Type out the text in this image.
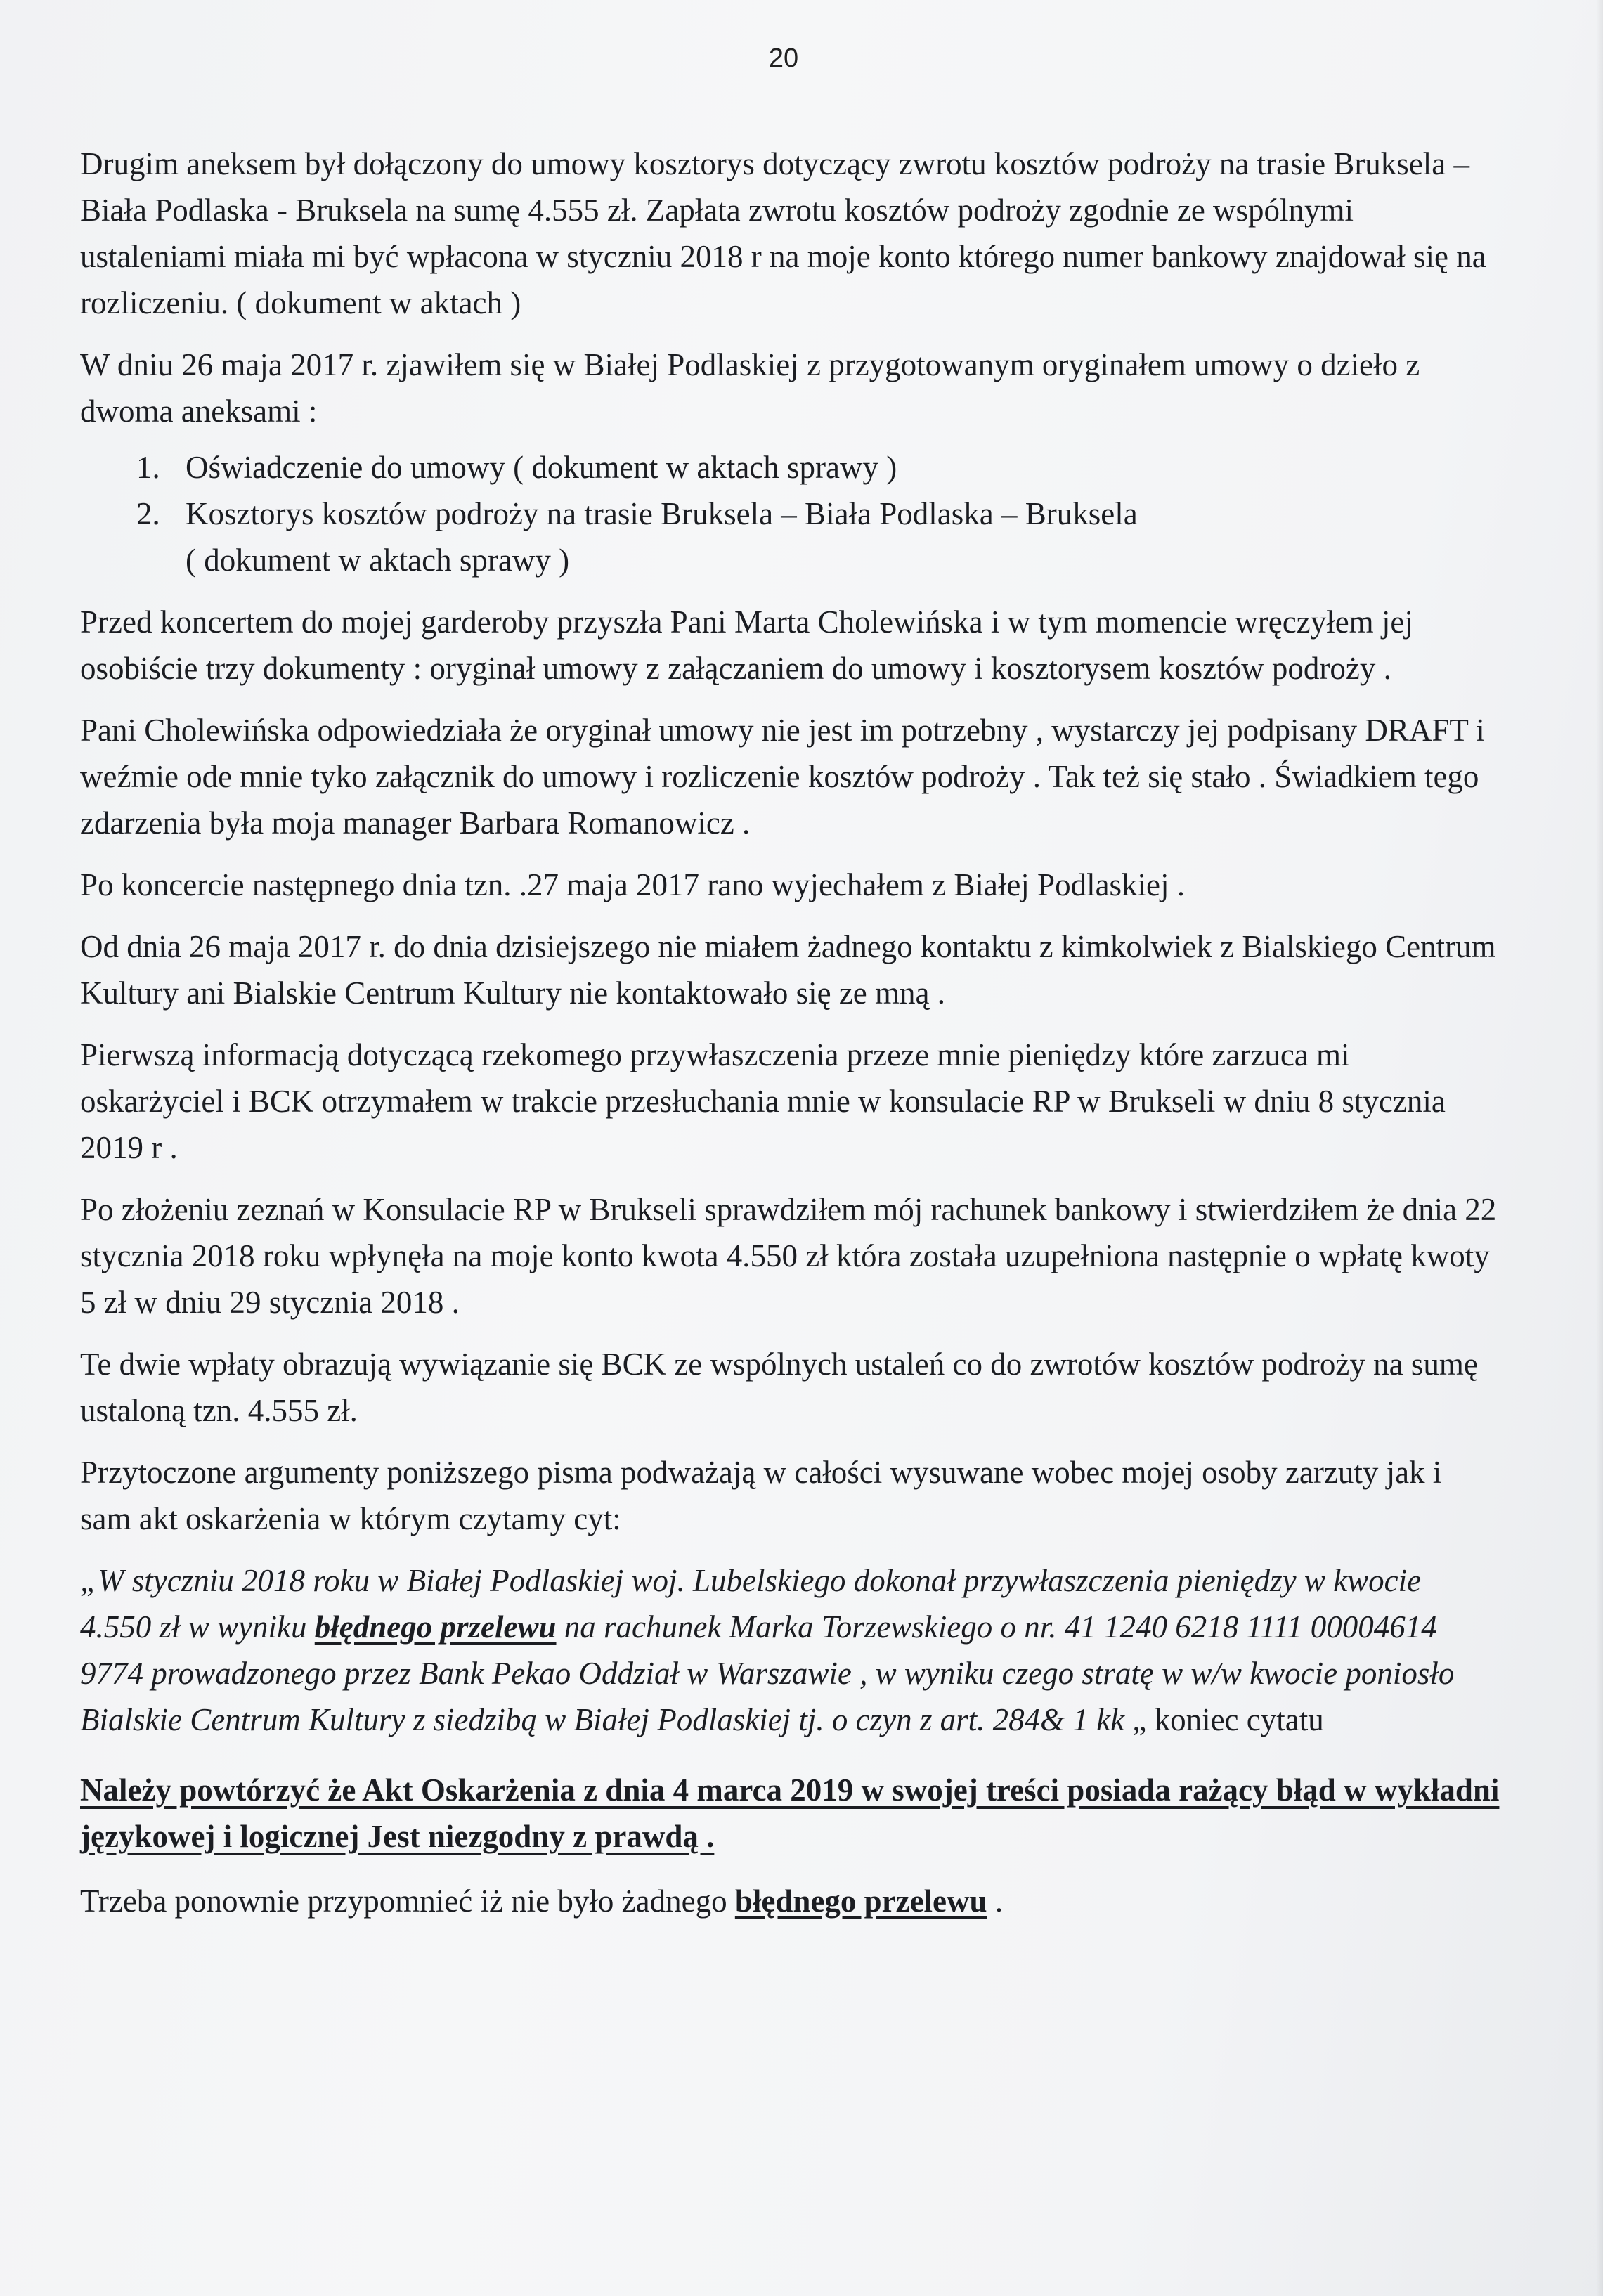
20

Drugim aneksem był dołączony do umowy kosztorys dotyczący zwrotu kosztów podroży na trasie Bruksela – Biała Podlaska - Bruksela na sumę 4.555 zł. Zapłata zwrotu kosztów podroży zgodnie ze wspólnymi ustaleniami miała mi być wpłacona w styczniu 2018 r na moje konto którego numer bankowy znajdował się na rozliczeniu. ( dokument w aktach )

W dniu 26 maja 2017 r. zjawiłem się w Białej Podlaskiej z przygotowanym oryginałem umowy o dzieło z dwoma aneksami :

1. Oświadczenie do umowy ( dokument w aktach sprawy )
2. Kosztorys kosztów podroży na trasie Bruksela – Biała Podlaska – Bruksela
( dokument w aktach sprawy )

Przed koncertem do mojej garderoby przyszła Pani Marta Cholewińska i w tym momencie wręczyłem jej osobiście trzy dokumenty : oryginał umowy z załączaniem do umowy i kosztorysem kosztów podroży .

Pani Cholewińska odpowiedziała że oryginał umowy nie jest im potrzebny , wystarczy jej podpisany DRAFT i weźmie ode mnie tyko załącznik do umowy i rozliczenie kosztów podroży . Tak też się stało . Świadkiem tego zdarzenia była moja manager Barbara Romanowicz .

Po koncercie następnego dnia tzn. .27 maja 2017 rano wyjechałem z Białej Podlaskiej .

Od dnia 26 maja 2017 r. do dnia dzisiejszego nie miałem żadnego kontaktu z kimkolwiek z Bialskiego Centrum Kultury ani Bialskie Centrum Kultury nie kontaktowało się ze mną .

Pierwszą informacją dotyczącą rzekomego przywłaszczenia przeze mnie pieniędzy które zarzuca mi oskarżyciel i BCK otrzymałem w trakcie przesłuchania mnie w konsulacie RP w Brukseli w dniu 8 stycznia 2019 r .

Po złożeniu zeznań w Konsulacie RP w Brukseli sprawdziłem mój rachunek bankowy i stwierdziłem że dnia 22 stycznia 2018 roku wpłynęła na moje konto kwota 4.550 zł która została uzupełniona następnie o wpłatę kwoty 5 zł w dniu 29 stycznia 2018 .

Te dwie wpłaty obrazują wywiązanie się BCK ze wspólnych ustaleń co do zwrotów kosztów podroży na sumę ustaloną tzn. 4.555 zł.

Przytoczone argumenty poniższego pisma podważają w całości wysuwane wobec mojej osoby zarzuty jak i sam akt oskarżenia w którym czytamy cyt:

„W styczniu 2018 roku w Białej Podlaskiej woj. Lubelskiego dokonał przywłaszczenia pieniędzy w kwocie 4.550 zł w wyniku błędnego przelewu na rachunek Marka Torzewskiego o nr. 41 1240 6218 1111 00004614 9774 prowadzonego przez Bank Pekao Oddział w Warszawie , w wyniku czego stratę w w/w kwocie poniosło Bialskie Centrum Kultury z siedzibą w Białej Podlaskiej tj. o czyn z art. 284& 1 kk „ koniec cytatu

Należy powtórzyć że Akt Oskarżenia z dnia 4 marca 2019 w swojej treści posiada rażący błąd w wykładni językowej i logicznej Jest niezgodny z prawdą .

Trzeba ponownie przypomnieć iż nie było żadnego błędnego przelewu .
